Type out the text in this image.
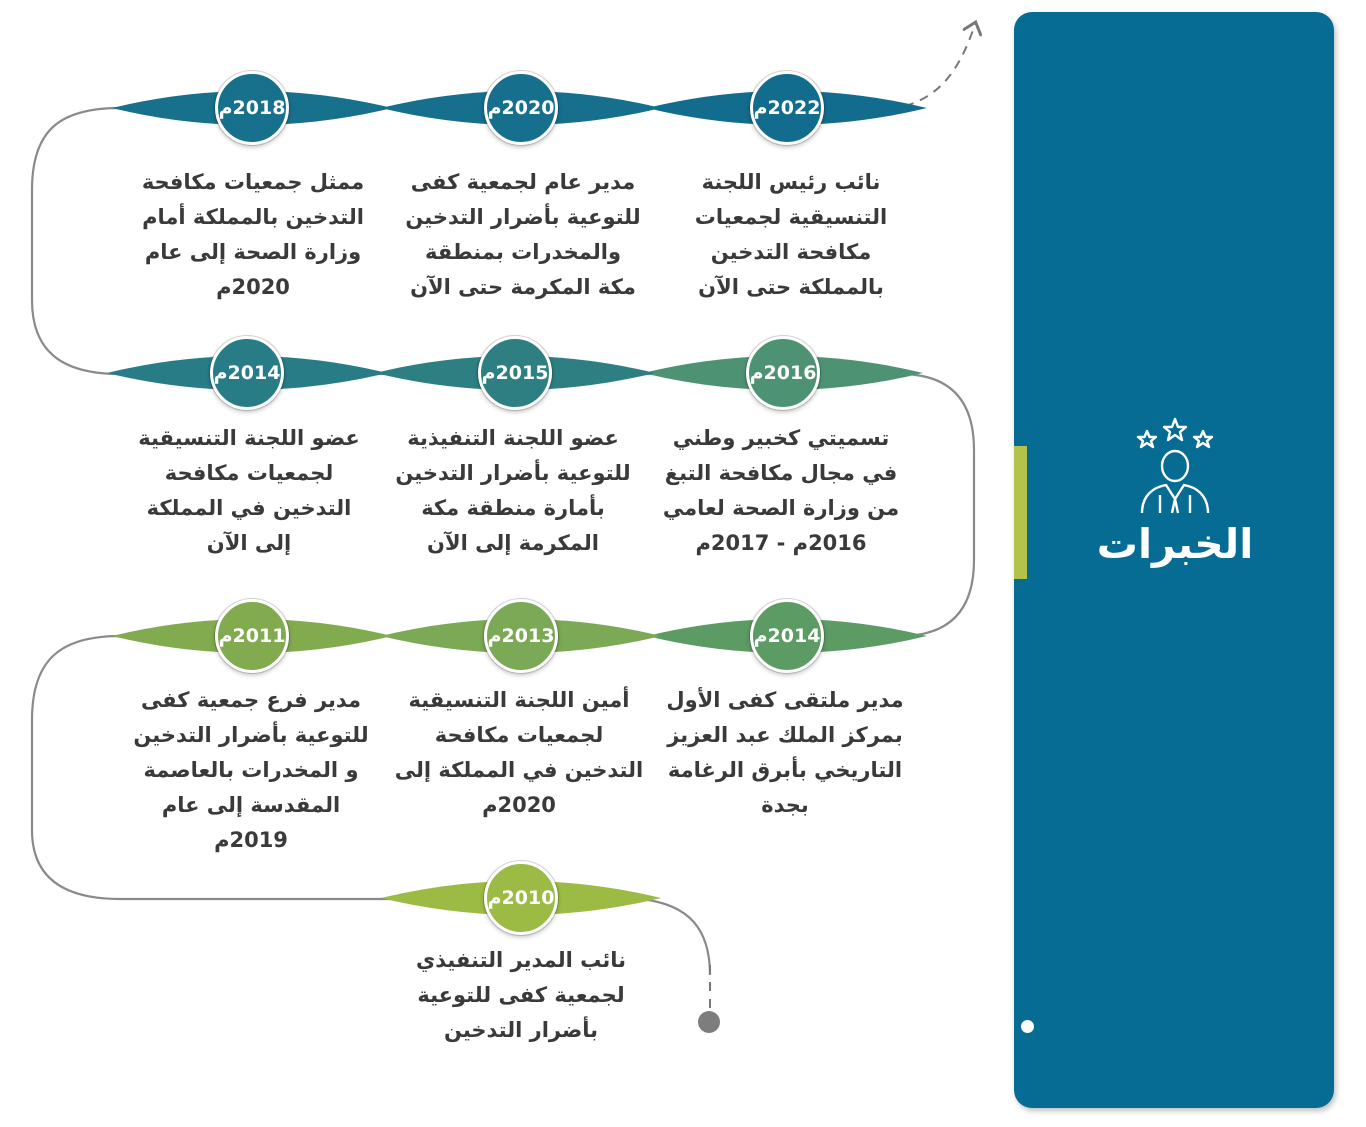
الخبرات
2022م
2020م
2018م
2016م
2015م
2014م
2014م
2013م
2011م
2010م
نائب رئيس اللجنة
التنسيقية لجمعيات
مكافحة التدخين
بالمملكة حتى الآن
مدير عام لجمعية كفى
للتوعية بأضرار التدخين
والمخدرات بمنطقة
مكة المكرمة حتى الآن
ممثل جمعيات مكافحة
التدخين بالمملكة أمام
وزارة الصحة إلى عام
2020م
تسميتي كخبير وطني
في مجال مكافحة التبغ
من وزارة الصحة لعامي
2016م - 2017م
عضو اللجنة التنفيذية
للتوعية بأضرار التدخين
بأمارة منطقة مكة
المكرمة إلى الآن
عضو اللجنة التنسيقية
لجمعيات مكافحة
التدخين في المملكة
إلى الآن
مدير ملتقى كفى الأول
بمركز الملك عبد العزيز
التاريخي بأبرق الرغامة
بجدة
أمين اللجنة التنسيقية
لجمعيات مكافحة
التدخين في المملكة إلى
2020م
مدير فرع جمعية كفى
للتوعية بأضرار التدخين
و المخدرات بالعاصمة
المقدسة إلى عام 2019م
نائب المدير التنفيذي
لجمعية كفى للتوعية
بأضرار التدخين
